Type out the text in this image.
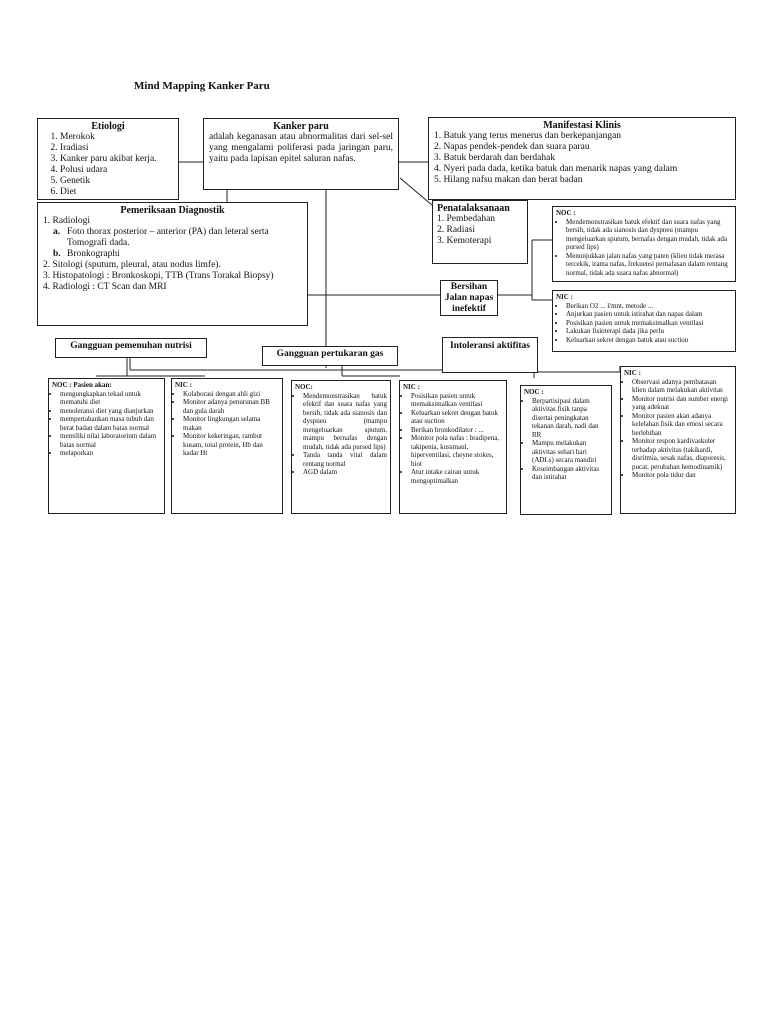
Mind Mapping Kanker Paru
Etiologi
1. Merokok
2. Iradiasi
3. Kanker paru akibat kerja.
4. Polusi udara
5. Genetik
6. Diet
Kanker paru
adalah keganasan atau abnormalitas dari sel-sel yang mengalami poliferasi pada jaringan paru, yaitu pada lapisan epitel saluran nafas.
Manifestasi Klinis
1. Batuk yang terus menerus dan berkepanjangan
2. Napas pendek-pendek dan suara parau
3. Batuk berdarah dan berdahak
4. Nyeri pada dada, ketika batuk dan menarik napas yang dalam
5. Hilang nafsu makan dan berat badan
Pemeriksaan Diagnostik
1. Radiologi
a. Foto thorax posterior – anterior (PA) dan leteral serta Tomografi dada.
b. Bronkographi
2. Sitologi (sputum, pleural, atau nodus limfe).
3. Histopatologi : Bronkoskopi, TTB (Trans Torakal Biopsy)
4. Radiologi : CT Scan dan MRI
Penatalaksanaan
1. Pembedahan
2. Radiasi
3. Kemoterapi
NOC :
• Mendemonstrasikan batuk efektif dan suara nafas yang bersih, tidak ada sianosis dan dyspneu (mampu mengeluarkan sputum, bernafas dengan mudah, tidak ada pursed lips)
• Menunjukkan jalan nafas yang paten (klien tidak merasa tercekik, irama nafas, frekuensi pernafasan dalam rentang normal, tidak ada suara nafas abnormal)
Bersihan Jalan napas inefektif
NIC :
• Berikan O2 ... l/mnt, metode ...
• Anjurkan pasien untuk istirahat dan napas dalam
• Posisikan pasien untuk memaksimalkan ventilasi
• Lakukan fisioterapi dada jika perlu
• Keluarkan sekret dengan batuk atau suction
Gangguan pemenuhan nutrisi
Gangguan pertukaran gas
Intoleransi aktifitas
NOC : Pasien akan:
• mengungkapkan tekad untuk mematuhi diet
• menoleransi diet yang dianjurkan
• mempertahankan masa tubuh dan berat badan dalam batas normal
• memiliki nilai laboratorium dalam batas normal
• melaporkan
NIC :
• Kolaborasi dengan ahli gizi
• Monitor adanya penurunan BB dan gula darah
• Monitor lingkungan selama makan
• Monitor kekeringan, rambut kusam, total protein, Hb dan kadar Ht
NOC:
• Mendemonstrasikan batuk efektif dan suara nafas yang bersih, tidak ada sianosis dan dyspneu (mampu mengeluarkan sputum, mampu bernafas dengan mudah, tidak ada pursed lips)
• Tanda tanda vital dalam rentang normal
• AGD dalam
NIC :
• Posisikan pasien untuk memaksimalkan ventilasi
• Keluarkan sekret dengan batuk atau suction
• Berikan bronkodilator : ...
• Monitor pola nafas : bradipena, takipenia, kussmaul, hiperventilasi, cheyne stokes, biot
• Atur intake cairan untuk mengoptimalkan
NOC :
• Berpartisipasi dalam aktivitas fisik tanpa disertai peningkatan tekanan darah, nadi dan RR
• Mampu melakukan aktivitas sehari hari (ADLs) secara mandiri
• Keseimbangan aktivitas dan istirahat
NIC :
• Observasi adanya pembatasan klien dalam melakukan aktivitas
• Monitor nutrisi dan sumber energi yang adekuat
• Monitor pasien akan adanya kelelahan fisik dan emosi secara berlebihan
• Monitor respon kardivaskuler terhadap aktivitas (takikardi, disritmia, sesak nafas, diaporesis, pucat, perubahan hemodinamik)
• Monitor pola tidur dan
